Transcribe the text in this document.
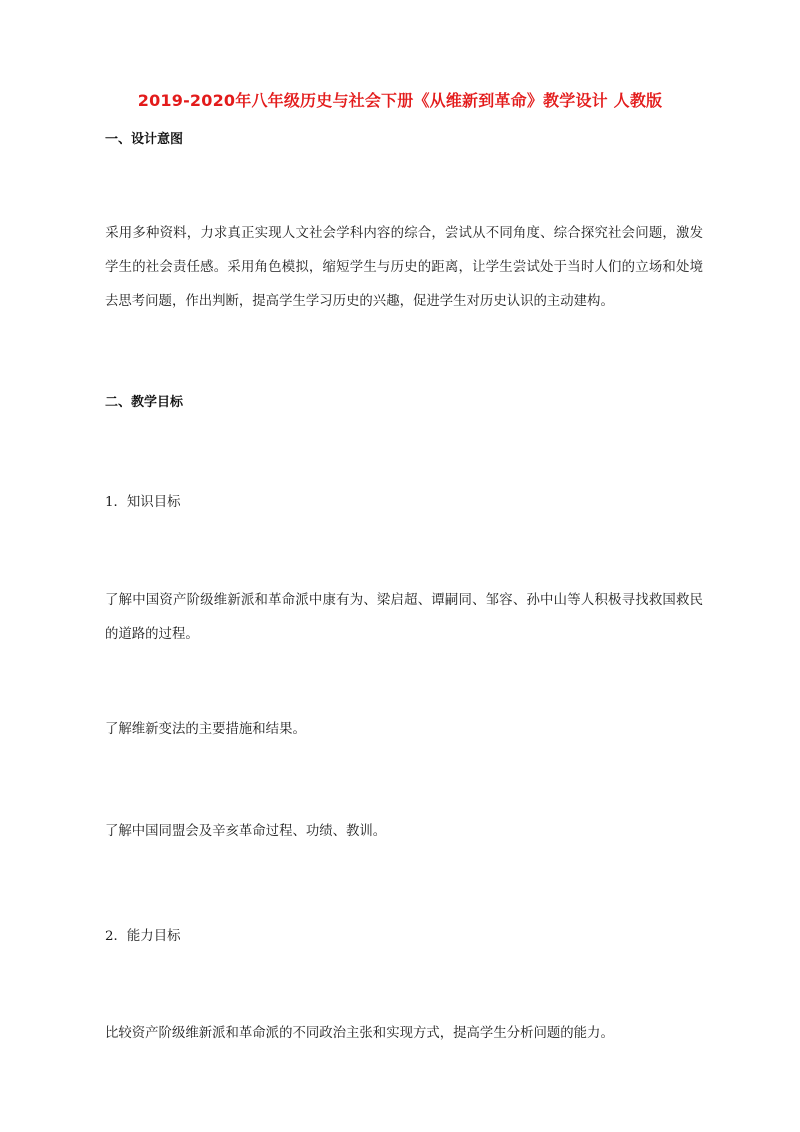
2019-2020年八年级历史与社会下册《从维新到革命》教学设计 人教版
一、设计意图
采用多种资料，力求真正实现人文社会学科内容的综合，尝试从不同角度、综合探究社会问题，激发学生的社会责任感。采用角色模拟，缩短学生与历史的距离，让学生尝试处于当时人们的立场和处境去思考问题，作出判断，提高学生学习历史的兴趣，促进学生对历史认识的主动建构。
二、教学目标
1．知识目标
了解中国资产阶级维新派和革命派中康有为、梁启超、谭嗣同、邹容、孙中山等人积极寻找救国救民的道路的过程。
了解维新变法的主要措施和结果。
了解中国同盟会及辛亥革命过程、功绩、教训。
2．能力目标
比较资产阶级维新派和革命派的不同政治主张和实现方式，提高学生分析问题的能力。
